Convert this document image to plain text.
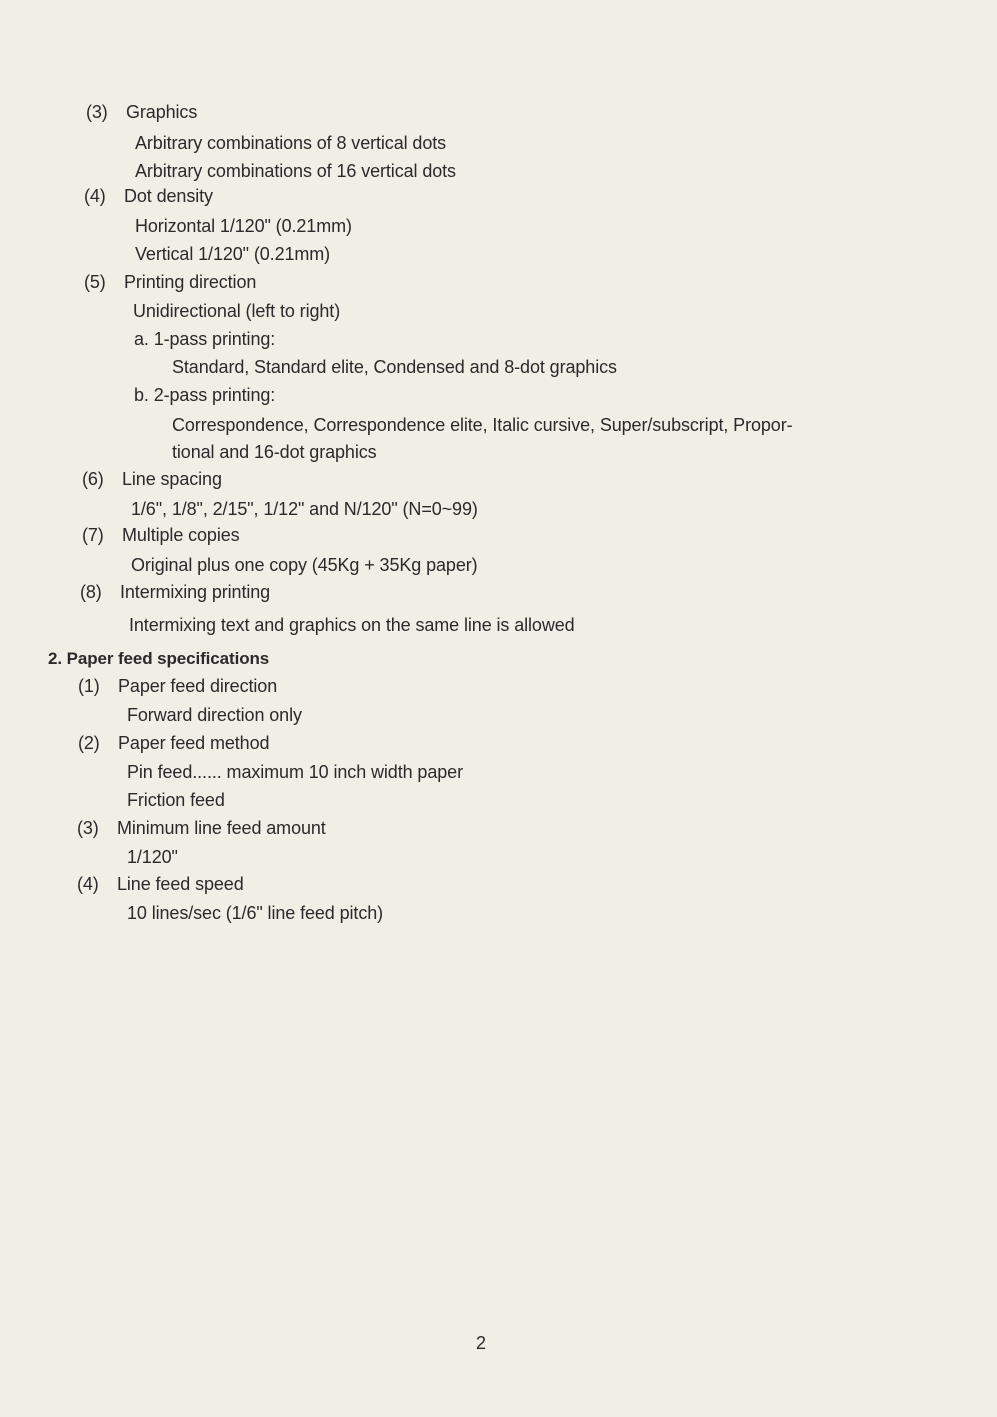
(3) Graphics
Arbitrary combinations of 8 vertical dots
Arbitrary combinations of 16 vertical dots
(4) Dot density
Horizontal 1/120" (0.21mm)
Vertical 1/120" (0.21mm)
(5) Printing direction
Unidirectional (left to right)
a. 1-pass printing:
Standard, Standard elite, Condensed and 8-dot graphics
b. 2-pass printing:
Correspondence, Correspondence elite, Italic cursive, Super/subscript, Propor-
tional and 16-dot graphics
(6) Line spacing
1/6", 1/8", 2/15", 1/12" and N/120" (N=0~99)
(7) Multiple copies
Original plus one copy (45Kg + 35Kg paper)
(8) Intermixing printing
Intermixing text and graphics on the same line is allowed
2. Paper feed specifications
(1) Paper feed direction
Forward direction only
(2) Paper feed method
Pin feed...... maximum 10 inch width paper
Friction feed
(3) Minimum line feed amount
1/120"
(4) Line feed speed
10 lines/sec (1/6" line feed pitch)
2
